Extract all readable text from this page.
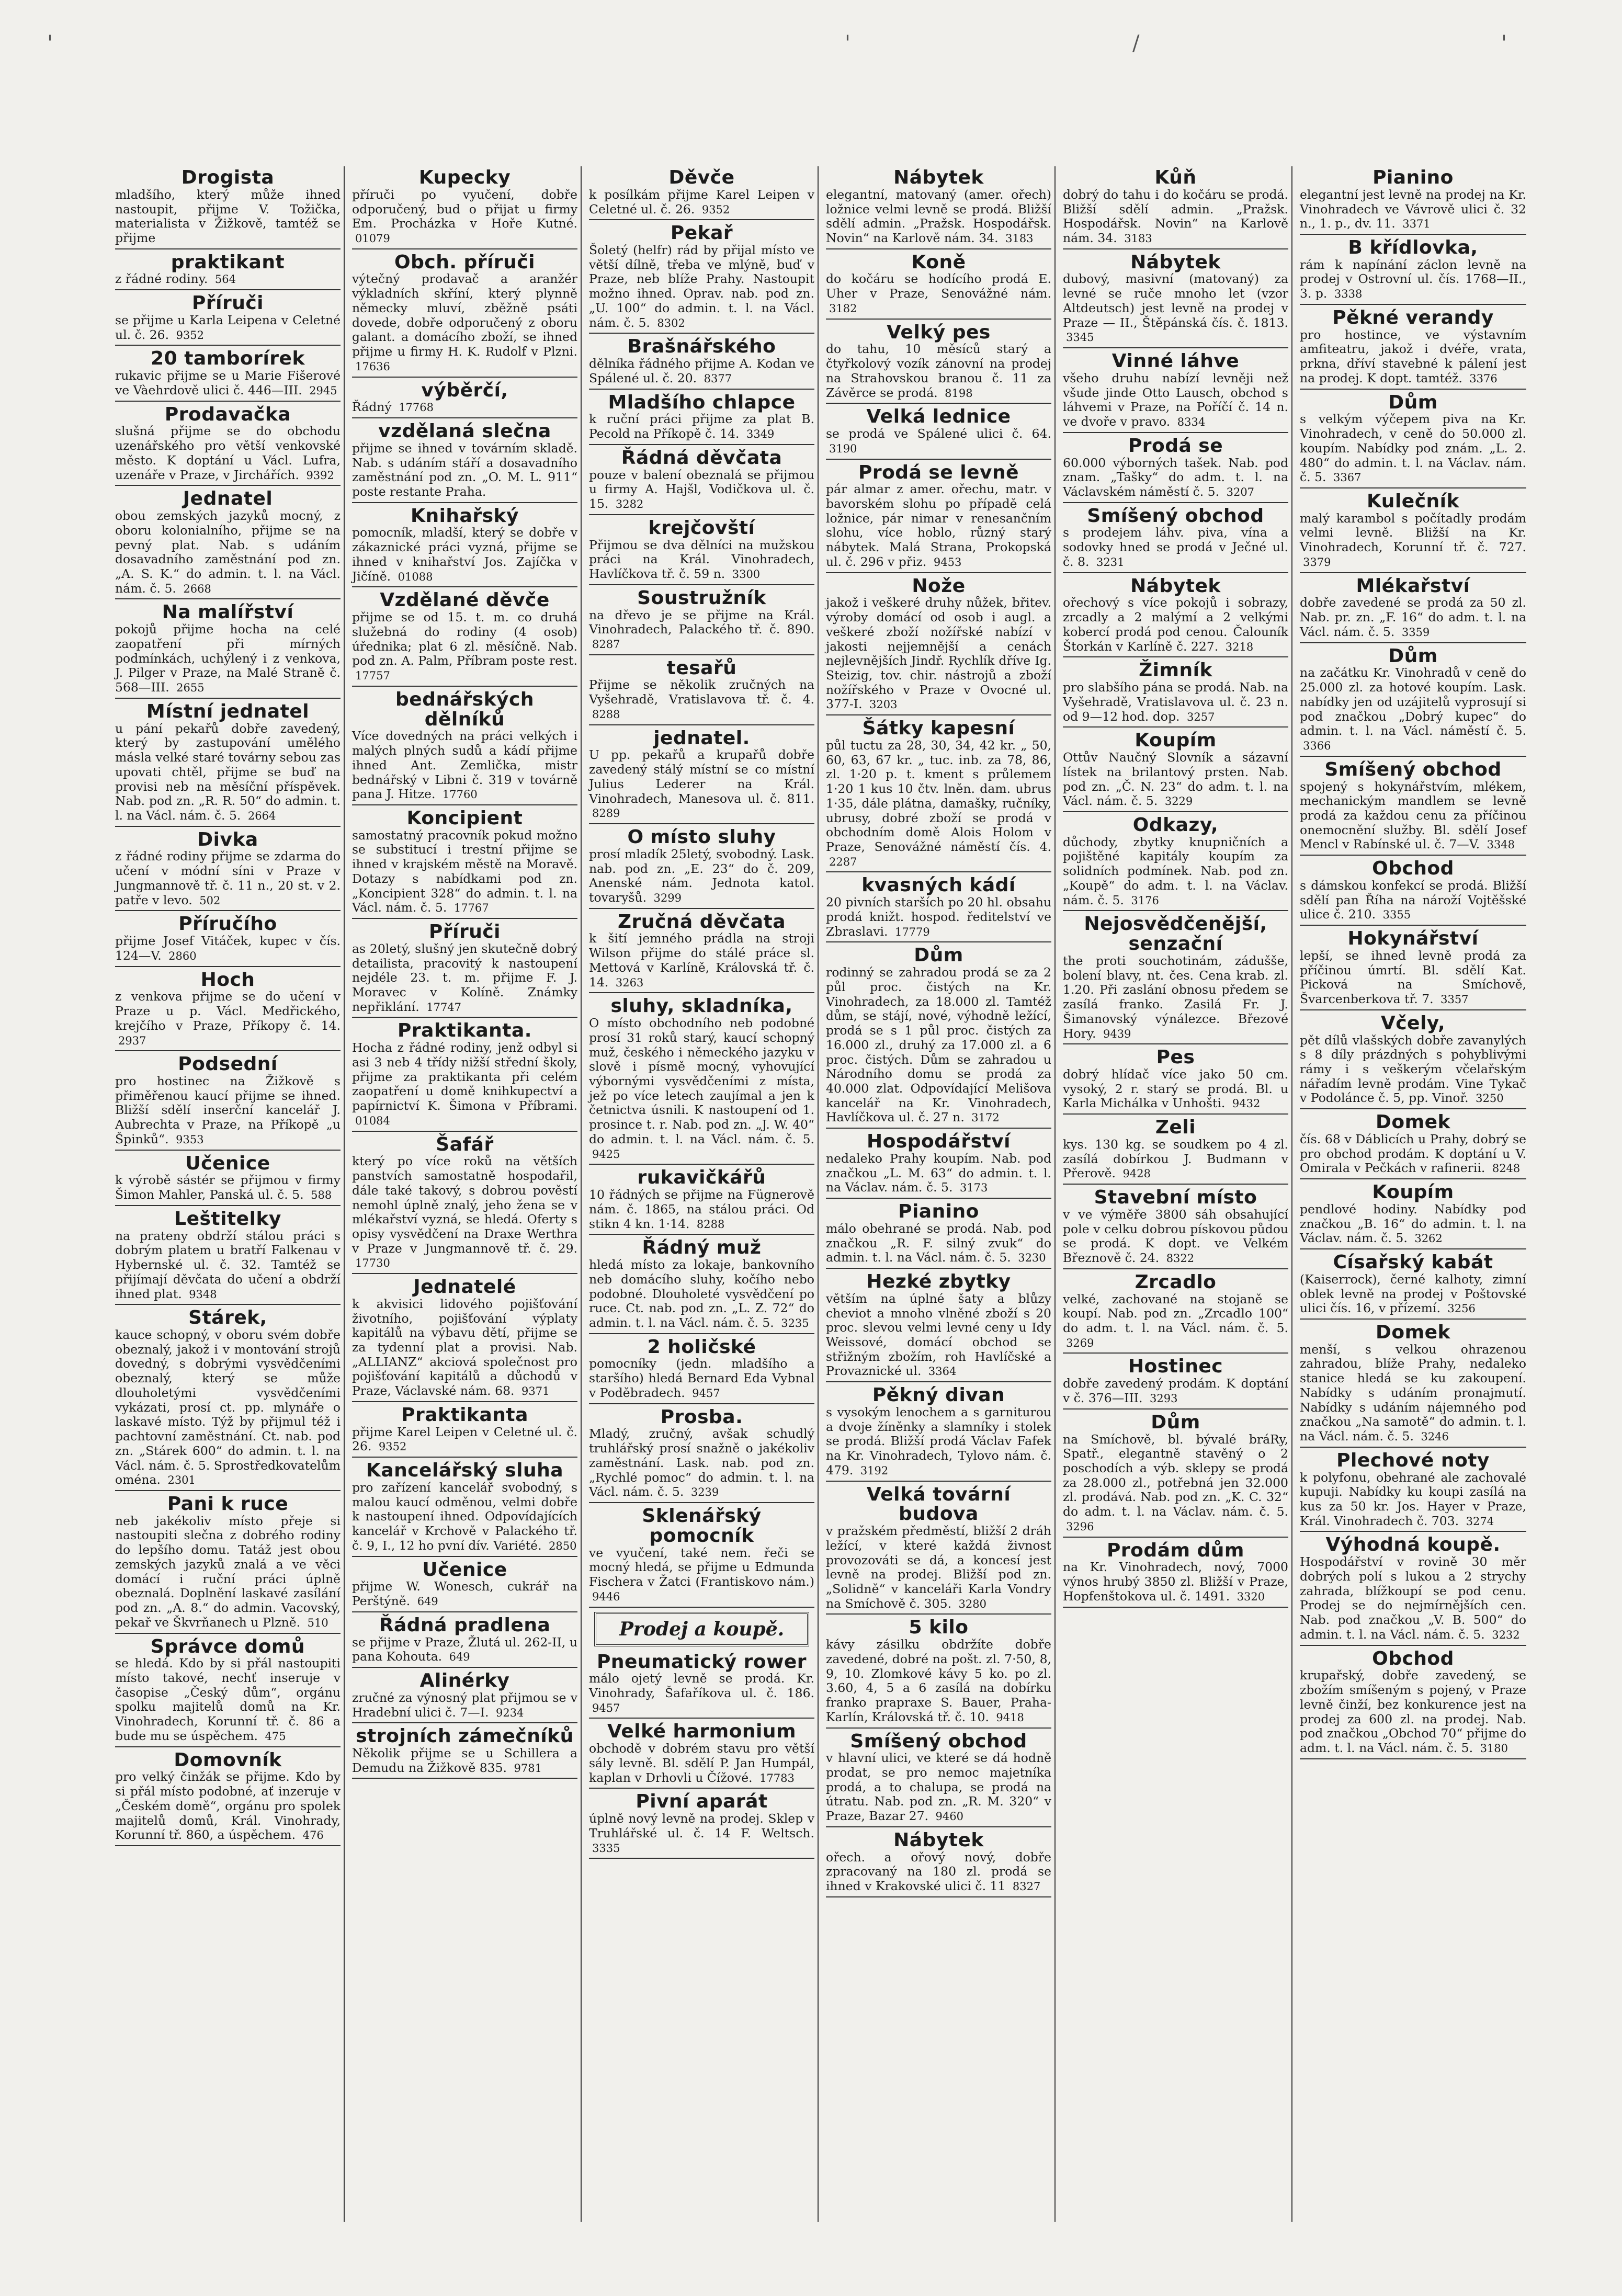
'	'	/	'
Drogista
mladšího, který může ihned nastoupit, přijme V. Tožička, materialista v Žižkově, tamtéž se přijme
praktikant
z řádné rodiny. 564
Příruči
se přijme u Karla Leipena v Celetné ul. č. 26. 9352
20 tamborírek
rukavic přijme se u Marie Fišerové ve Vàehrdově ulici č. 446—III. 2945
Prodavačka
slušná přijme se do obchodu uzenářského pro větší venkovské město. K doptání u Václ. Lufra, uzenáře v Praze, v Jirchářích. 9392
Jednatel
obou zemských jazyků mocný, z oboru kolonialního, přijme se na pevný plat. Nab. s udáním dosavadního zaměstnání pod zn. „A. S. K.“ do admin. t. l. na Václ. nám. č. 5. 2668
Na malířství
pokojů přijme hocha na celé zaopatření při mírných podmínkách, uchýlený i z venkova, J. Pilger v Praze, na Malé Straně č. 568—III. 2655
Místní jednatel
u pání pekařů dobře zavedený, který by zastupování umělého másla velké staré továrny sebou zas upovati chtěl, přijme se buď na provisi neb na měsíční příspěvek. Nab. pod zn. „R. R. 50“ do admin. t. l. na Václ. nám. č. 5. 2664
Divka
z řádné rodiny přijme se zdarma do učení v módní síni v Praze v Jungmannově tř. č. 11 n., 20 st. v 2. patře v levo. 502
Příručího
přijme Josef Vitáček, kupec v čís. 124—V. 2860
Hoch
z venkova přijme se do učení v Praze u p. Václ. Medřického, krejčího v Praze, Příkopy č. 14. 2937
Podsední
pro hostinec na Žižkově s přiměřenou kaucí přijme se ihned. Bližší sdělí inserční kancelář J. Aubrechta v Praze, na Příkopě „u Špinků“. 9353
Učenice
k výrobě sástér se přijmou v firmy Šimon Mahler, Panská ul. č. 5. 588
Leštitelky
na prateny obdrží stálou práci s dobrým platem u bratří Falkenau v Hybernské ul. č. 32. Tamtéž se přijímají děvčata do učení a obdrží ihned plat. 9348
Stárek,
kauce schopný, v oboru svém dobře obeznalý, jakož i v montování strojů dovedný, s dobrými vysvědčeními obeznalý, který se může dlouholetými vysvědčeními vykázati, prosí ct. pp. mlynáře o laskavé místo. Týž by přijmul též i pachtovní zaměstnání. Ct. nab. pod zn. „Stárek 600“ do admin. t. l. na Václ. nám. č. 5. Sprostředkovatelům oména. 2301
Pani k ruce
neb jakékoliv místo přeje si nastoupiti slečna z dobrého rodiny do lepšího domu. Tatáž jest obou zemských jazyků znalá a ve věci domácí i ruční práci úplně obeznalá. Doplnění laskavé zasílání pod zn. „A. 8.“ do admin. Vacovský, pekař ve Škvrňanech u Plzně. 510
Správce domů
se hledá. Kdo by si přál nastoupiti místo takové, nechť inseruje v časopise „Český dům“, orgánu spolku majitelů domů na Kr. Vinohradech, Korunní tř. č. 86 a bude mu se úspěchem. 475
Domovník
pro velký činžák se přijme. Kdo by si přál místo podobné, ať inzeruje v „Českém domě“, orgánu pro spolek majitelů domů, Král. Vinohrady, Korunní tř. 860, a úspěchem. 476
Kupecky
příruči po vyučení, dobře odporučený, bud o přijat u firmy Em. Procházka v Hoře Kutné. 01079
Obch. příruči
výtečný prodavač a aranžér výkladních skříní, který plynně německy mluví, zběžně psáti dovede, dobře odporučený z oboru galant. a domácího zboží, se ihned přijme u firmy H. K. Rudolf v Plzni. 17636
výběrčí,
Řádný 17768
vzdělaná slečna
přijme se ihned v továrním skladě. Nab. s udáním stáří a dosavadního zaměstnání pod zn. „O. M. L. 911“ poste restante Praha.
Knihařský
pomocník, mladší, který se dobře v zákaznické práci vyzná, přijme se ihned v knihařství Jos. Zajíčka v Jičíně. 01088
Vzdělané děvče
přijme se od 15. t. m. co druhá služebná do rodiny (4 osob) úřednika; plat 6 zl. měsíčně. Nab. pod zn. A. Palm, Příbram poste rest. 17757
bednářských dělníků
Více dovedných na práci velkých i malých plných sudů a kádí přijme ihned Ant. Zemlička, mistr bednářský v Libni č. 319 v továrně pana J. Hitze. 17760
Koncipient
samostatný pracovník pokud možno se substitucí i trestní přijme se ihned v krajském městě na Moravě. Dotazy s nabídkami pod zn. „Koncipient 328“ do admin. t. l. na Václ. nám. č. 5. 17767
Příruči
as 20letý, slušný jen skutečně dobrý detailista, pracovitý k nastoupení nejdéle 23. t. m. přijme F. J. Moravec v Kolíně. Známky nepřiklání. 17747
Praktikanta.
Hocha z řádné rodiny, jenž odbyl si asi 3 neb 4 třídy nižší střední školy, přijme za praktikanta při celém zaopatření u domě knihkupectví a papírnictví K. Šimona v Příbrami. 01084
Šafář
který po více roků na větších panstvích samostatně hospodařil, dále také takový, s dobrou pověstí nemohl úplně znalý, jeho žena se v mlékařství vyzná, se hledá. Oferty s opisy vysvědčení na Draxe Werthra v Praze v Jungmannově tř. č. 29. 17730
Jednatelé
k akvisici lidového pojišťování životního, pojišťování výplaty kapitálů na výbavu dětí, přijme se za tydenní plat a provisi. Nab. „ALLIANZ“ akciová společnost pro pojišťování kapitálů a důchodů v Praze, Václavské nám. 68. 9371
Praktikanta
přijme Karel Leipen v Celetné ul. č. 26. 9352
Kancelářský sluha
pro zařízení kancelář svobodný, s malou kaucí odměnou, velmi dobře k nastoupení ihned. Odpovídajících kancelář v Krchově v Palackého tř. č. 9, I., 12 ho pvní dív. Variété. 2850
Učenice
přijme W. Wonesch, cukrář na Perštýně. 649
Řádná pradlena
se přijme v Praze, Žlutá ul. 262-II, u pana Kohouta. 649
Alinérky
zručné za výnosný plat přijmou se v Hradební ulici č. 7—I. 9234
strojních zámečníků
Několik přijme se u Schillera a Demudu na Žižkově 835. 9781
Děvče
k posílkám přijme Karel Leipen v Celetné ul. č. 26. 9352
Pekař
Šoletý (helfr) rád by přijal místo ve větší dílně, třeba ve mlýně, buď v Praze, neb blíže Prahy. Nastoupit možno ihned. Oprav. nab. pod zn. „U. 100“ do admin. t. l. na Václ. nám. č. 5. 8302
Brašnářského
dělníka řádného přijme A. Kodan ve Spálené ul. č. 20. 8377
Mladšího chlapce
k ruční práci přijme za plat B. Pecold na Příkopě č. 14. 3349
Řádná děvčata
pouze v balení obeznalá se přijmou u firmy A. Hajšl, Vodičkova ul. č. 15. 3282
krejčovští
Přijmou se dva dělníci na mužskou práci na Král. Vinohradech, Havlíčkova tř. č. 59 n. 3300
Soustružník
na dřevo je se přijme na Král. Vinohradech, Palackého tř. č. 890. 8287
tesařů
Přijme se několik zručných na Vyšehradě, Vratislavova tř. č. 4. 8288
jednatel.
U pp. pekařů a krupařů dobře zavedený stálý místní se co místní Julius Lederer na Král. Vinohradech, Manesova ul. č. 811. 8289
O místo sluhy
prosí mladík 25letý, svobodný. Lask. nab. pod zn. „E. 23“ do č. 209, Anenské nám. Jednota katol. tovaryšů. 3299
Zručná děvčata
k šití jemného prádla na stroji Wilson přijme do stálé práce sl. Mettová v Karlíně, Královská tř. č. 14. 3263
sluhy, skladníka,
O místo obchodního neb podobné prosí 31 roků starý, kaucí schopný muž, českého i německého jazyku v slově i písmě mocný, vyhovující výbornými vysvědčeními z místa, jež po více letech zaujímal a jen k četnictva úsnili. K nastoupení od 1. prosince t. r. Nab. pod zn. „J. W. 40“ do admin. t. l. na Václ. nám. č. 5. 9425
rukavičkářů
10 řádných se přijme na Fügnerově nám. č. 1865, na stálou práci. Od stikn 4 kn. 1·14. 8288
Řádný muž
hledá místo za lokaje, bankovního neb domácího sluhy, kočího nebo podobné. Dlouholeté vysvědčení po ruce. Ct. nab. pod zn. „L. Z. 72“ do admin. t. l. na Václ. nám. č. 5. 3235
2 holičské
pomocníky (jedn. mladšího a staršího) hledá Bernard Eda Vybnal v Poděbradech. 9457
Prosba.
Mladý, zručný, avšak schudlý truhlářský prosí snažně o jakékoliv zaměstnání. Lask. nab. pod zn. „Rychlé pomoc“ do admin. t. l. na Václ. nám. č. 5. 3239
Sklenářský pomocník
ve vyučení, také nem. řeči se mocný hledá, se přijme u Edmunda Fischera v Žatci (Frantiskovo nám.) 9446
Prodej a koupě.
Pneumatický rower
málo ojetý levně se prodá. Kr. Vinohrady, Šafaříkova ul. č. 186. 9457
Velké harmonium
obchodě v dobrém stavu pro větší sály levně. Bl. sdělí P. Jan Humpál, kaplan v Drhovli u Čížové. 17783
Pivní aparát
úplně nový levně na prodej. Sklep v Truhlářské ul. č. 14 F. Weltsch. 3335
Nábytek
elegantní, matovaný (amer. ořech) ložnice velmi levně se prodá. Bližší sdělí admin. „Pražsk. Hospodářsk. Novin“ na Karlově nám. 34. 3183
Koně
do kočáru se hodícího prodá E. Uher v Praze, Senovážné nám. 3182
Velký pes
do tahu, 10 měsíců starý a čtyřkolový vozík zánovní na prodej na Strahovskou branou č. 11 za Závěrce se prodá. 8198
Velká lednice
se prodá ve Spálené ulici č. 64. 3190
Prodá se levně
pár almar z amer. ořechu, matr. v bavorském slohu po případě celá ložnice, pár nimar v renesančním slohu, více hoblo, různý starý nábytek. Malá Strana, Prokopská ul. č. 296 v přiz. 9453
Nože
jakož i veškeré druhy nůžek, břitev. výroby domácí od osob i augl. a veškeré zboží nožířské nabízí v jakosti nejjemnější a cenách nejlevnějších Jindř. Rychlík dříve Ig. Steizig, tov. chir. nástrojů a zboží nožířského v Praze v Ovocné ul. 377-I. 3203
Šátky kapesní
půl tuctu za 28, 30, 34, 42 kr. „ 50, 60, 63, 67 kr. „ tuc. inb. za 78, 86, zl. 1·20 p. t. kment s průlemem 1·20 1 kus 10 čtv. lněn. dam. ubrus 1·35, dále plátna, damašky, ručníky, ubrusy, dobré zboží se prodá v obchodním domě Alois Holom v Praze, Senovážné náměstí čís. 4. 2287
kvasných kádí
20 pivních starších po 20 hl. obsahu prodá knižt. hospod. ředitelství ve Zbraslavi. 17779
Dům
rodinný se zahradou prodá se za 2 půl proc. čistých na Kr. Vinohradech, za 18.000 zl. Tamtéž dům, se stájí, nové, výhodně ležící, prodá se s 1 půl proc. čistých za 16.000 zl., druhý za 17.000 zl. a 6 proc. čistých. Dům se zahradou u Národního domu se prodá za 40.000 zlat. Odpovídající Melišova kancelář na Kr. Vinohradech, Havlíčkova ul. č. 27 n. 3172
Hospodářství
nedaleko Prahy koupím. Nab. pod značkou „L. M. 63“ do admin. t. l. na Václav. nám. č. 5. 3173
Pianino
málo obehrané se prodá. Nab. pod značkou „R. F. silný zvuk“ do admin. t. l. na Václ. nám. č. 5. 3230
Hezké zbytky
větším na úplné šaty a blůzy cheviot a mnoho vlněné zboží s 20 proc. slevou velmi levné ceny u Idy Weissové, domácí obchod se střižným zbožím, roh Havlíčské a Provaznické ul. 3364
Pěkný divan
s vysokým lenochem a s garniturou a dvoje žíněnky a slamníky i stolek se prodá. Bližší prodá Václav Fafek na Kr. Vinohradech, Tylovo nám. č. 479. 3192
Velká tovární budova
v pražském předměstí, bližší 2 dráh ležící, v které každá živnost provozováti se dá, a koncesí jest levně na prodej. Bližší pod zn. „Solidně“ v kanceláři Karla Vondry na Smíchově č. 305. 3280
5 kilo
kávy zásilku obdržíte dobře zavedené, dobré na pošt. zl. 7·50, 8, 9, 10. Zlomkové kávy 5 ko. po zl. 3.60, 4, 5 a 6 zasílá na dobírku franko prapraxe S. Bauer, Praha-Karlín, Královská tř. č. 10. 9418
Smíšený obchod
v hlavní ulici, ve které se dá hodně prodat, se pro nemoc majetníka prodá, a to chalupa, se prodá na útratu. Nab. pod zn. „R. M. 320“ v Praze, Bazar 27. 9460
Nábytek
ořech. a ořový nový, dobře zpracovaný na 180 zl. prodá se ihned v Krakovské ulici č. 11 8327
Kůň
dobrý do tahu i do kočáru se prodá. Bližší sdělí admin. „Pražsk. Hospodářsk. Novin“ na Karlově nám. 34. 3183
Nábytek
dubový, masivní (matovaný) za levné se ruče mnoho let (vzor Altdeutsch) jest levně na prodej v Praze — II., Štěpánská čís. č. 1813. 3345
Vinné láhve
všeho druhu nabízí levněji než všude jinde Otto Lausch, obchod s láhvemi v Praze, na Poříčí č. 14 n. ve dvoře v pravo. 8334
Prodá se
60.000 výborných tašek. Nab. pod znam. „Tašky“ do adm. t. l. na Václavském náměstí č. 5. 3207
Smíšený obchod
s prodejem láhv. piva, vína a sodovky hned se prodá v Ječné ul. č. 8. 3231
Nábytek
ořechový s více pokojů i sobrazy, zrcadly a 2 malýmí a 2 velkými kobercí prodá pod cenou. Čalouník Štorkán v Karlíně č. 227. 3218
Žimník
pro slabšího pána se prodá. Nab. na Vyšehradě, Vratislavova ul. č. 23 n. od 9—12 hod. dop. 3257
Koupím
Ottův Naučný Slovník a sázavní lístek na brilantový prsten. Nab. pod zn. „Č. N. 23“ do adm. t. l. na Václ. nám. č. 5. 3229
Odkazy,
důchody, zbytky knupničních a pojištěné kapitály koupím za solidních podmínek. Nab. pod zn. „Koupě“ do adm. t. l. na Václav. nám. č. 5. 3176
Nejosvědčenější, senzační
the proti souchotinám, zádušše, bolení blavy, nt. čes. Cena krab. zl. 1.20. Při zaslání obnosu předem se zasílá franko. Zasilá Fr. J. Šimanovský výnálezce. Březové Hory. 9439
Pes
dobrý hlídač více jako 50 cm. vysoký, 2 r. starý se prodá. Bl. u Karla Michálka v Unhošti. 9432
Zeli
kys. 130 kg. se soudkem po 4 zl. zasílá dobírkou J. Budmann v Přerově. 9428
Stavební místo
v ve výměře 3800 sáh obsahující pole v celku dobrou pískovou půdou se prodá. K dopt. ve Velkém Březnově č. 24. 8322
Zrcadlo
velké, zachované na stojaně se koupí. Nab. pod zn. „Zrcadlo 100“ do adm. t. l. na Václ. nám. č. 5. 3269
Hostinec
dobře zavedený prodám. K doptání v č. 376—III. 3293
Dům
na Smíchově, bl. bývalé bráRy, Spatř., elegantně stavěný o 2 poschodích a výb. sklepy se prodá za 28.000 zl., potřebná jen 32.000 zl. prodává. Nab. pod zn. „K. C. 32“ do adm. t. l. na Václav. nám. č. 5. 3296
Prodám dům
na Kr. Vinohradech, nový, 7000 výnos hrubý 3850 zl. Bližší v Praze, Hopfenštokova ul. č. 1491. 3320
Pianino
elegantní jest levně na prodej na Kr. Vinohradech ve Vávrově ulici č. 32 n., 1. p., dv. 11. 3371
B křídlovka,
rám k napínání záclon levně na prodej v Ostrovní ul. čís. 1768—II., 3. p. 3338
Pěkné verandy
pro hostince, ve výstavním amfiteatru, jakož i dvéře, vrata, prkna, dříví stavebné k pálení jest na prodej. K dopt. tamtéž. 3376
Dům
s velkým výčepem piva na Kr. Vinohradech, v ceně do 50.000 zl. koupím. Nabídky pod znám. „L. 2. 480“ do admin. t. l. na Václav. nám. č. 5. 3367
Kulečník
malý karambol s počítadly prodám velmi levně. Bližší na Kr. Vinohradech, Korunní tř. č. 727. 3379
Mlékařství
dobře zavedené se prodá za 50 zl. Nab. pr. zn. „F. 16“ do adm. t. l. na Václ. nám. č. 5. 3359
Dům
na začátku Kr. Vinohradů v ceně do 25.000 zl. za hotové koupím. Lask. nabídky jen od uzájitelů vyprosují si pod značkou „Dobrý kupec“ do admin. t. l. na Václ. náměstí č. 5. 3366
Smíšený obchod
spojený s hokynářstvím, mlékem, mechanickým mandlem se levně prodá za každou cenu za příčinou onemocnění služby. Bl. sdělí Josef Mencl v Rabínské ul. č. 7—V. 3348
Obchod
s dámskou konfekcí se prodá. Bližší sdělí pan Říha na nároží Vojtěšské ulice č. 210. 3355
Hokynářství
lepší, se ihned levně prodá za příčinou úmrtí. Bl. sdělí Kat. Picková na Smíchově, Švarcenberkova tř. 7. 3357
Včely,
pět dílů vlašských dobře zavanylých s 8 díly prázdných s pohyblivými rámy i s veškerým včelařským nářadím levně prodám. Vine Tykač v Podolánce č. 5, pp. Vinoř. 3250
Domek
čís. 68 v Dáblicích u Prahy, dobrý se pro obchod prodám. K doptání u V. Omirala v Pečkách v rafinerii. 8248
Koupím
pendlové hodiny. Nabídky pod značkou „B. 16“ do admin. t. l. na Václav. nám. č. 5. 3262
Císařský kabát
(Kaiserrock), černé kalhoty, zimní oblek levně na prodej v Poštovské ulici čís. 16, v přízemí. 3256
Domek
menší, s velkou ohrazenou zahradou, blíže Prahy, nedaleko stanice hledá se ku zakoupení. Nabídky s udáním pronajmutí. Nabídky s udáním nájemného pod značkou „Na samotě“ do admin. t. l. na Václ. nám. č. 5. 3246
Plechové noty
k polyfonu, obehrané ale zachovalé kupuji. Nabídky ku koupi zasílá na kus za 50 kr. Jos. Hayer v Praze, Král. Vinohradech č. 703. 3274
Výhodná koupě.
Hospodářství v rovině 30 měr dobrých polí s lukou a 2 strychy zahrada, blížkoupí se pod cenu. Prodej se do nejmírnějších cen. Nab. pod značkou „V. B. 500“ do admin. t. l. na Václ. nám. č. 5. 3232
Obchod
krupařský, dobře zavedený, se zbožím smíšeným s pojený, v Praze levně činží, bez konkurence jest na prodej za 600 zl. na prodej. Nab. pod značkou „Obchod 70“ přijme do adm. t. l. na Václ. nám. č. 5. 3180
